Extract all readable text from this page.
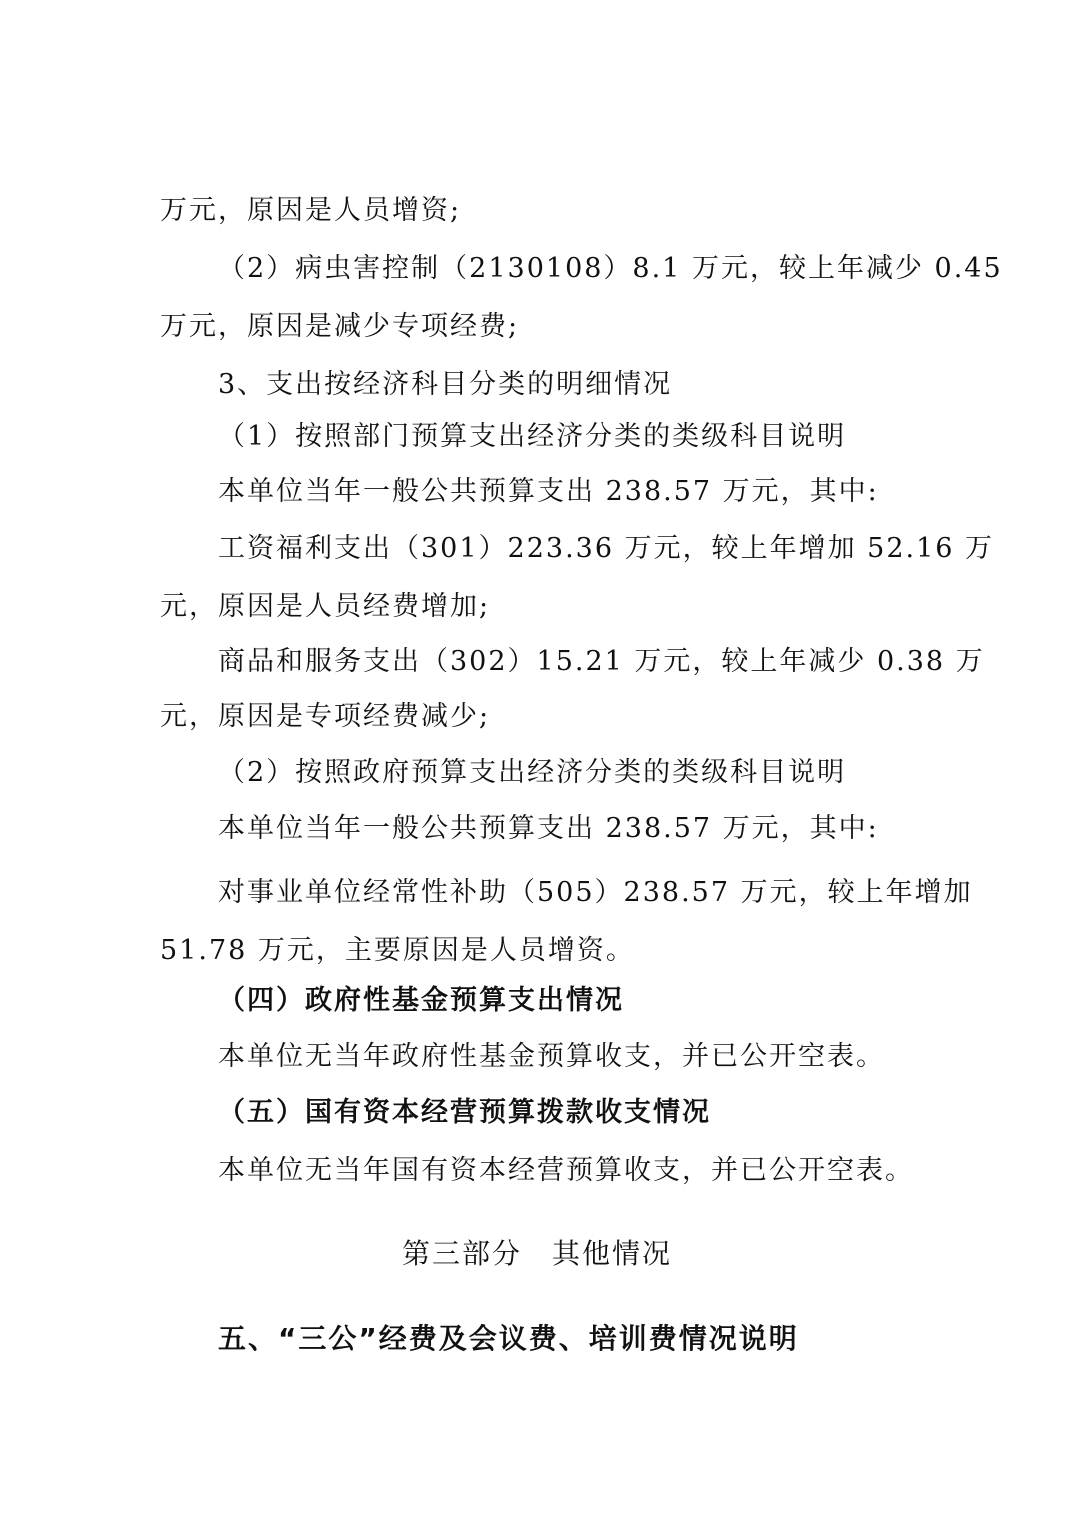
万元，原因是人员增资;
（2）病虫害控制（2130108）8.1 万元，较上年减少 0.45
万元，原因是减少专项经费;
3、支出按经济科目分类的明细情况
（1）按照部门预算支出经济分类的类级科目说明
本单位当年一般公共预算支出 238.57 万元，其中:
工资福利支出（301）223.36 万元，较上年增加 52.16 万
元，原因是人员经费增加;
商品和服务支出（302）15.21 万元，较上年减少 0.38 万
元，原因是专项经费减少;
（2）按照政府预算支出经济分类的类级科目说明
本单位当年一般公共预算支出 238.57 万元，其中:
对事业单位经常性补助（505）238.57 万元，较上年增加
51.78 万元，主要原因是人员增资。
（四）政府性基金预算支出情况
本单位无当年政府性基金预算收支，并已公开空表。
（五）国有资本经营预算拨款收支情况
本单位无当年国有资本经营预算收支，并已公开空表。
第三部分　其他情况
五、“三公”经费及会议费、培训费情况说明
